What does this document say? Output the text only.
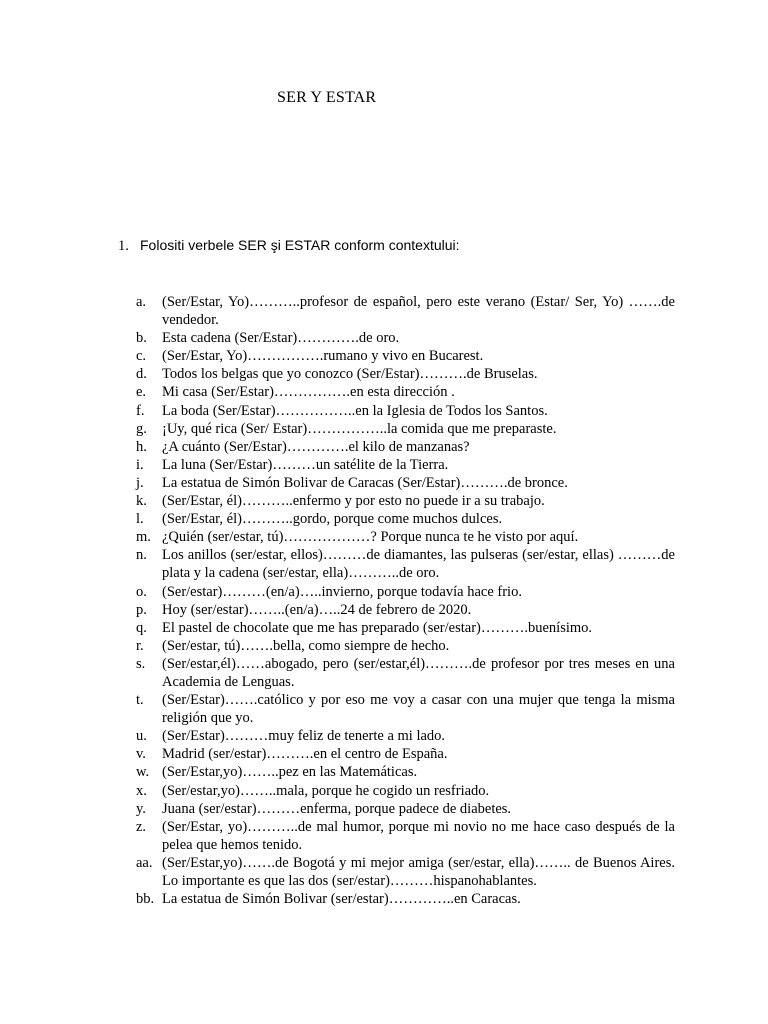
SER Y ESTAR

1. Folositi verbele SER şi ESTAR conform contextului:

a.	(Ser/Estar, Yo)………..profesor de español, pero este verano (Estar/ Ser, Yo) …….de vendedor.
b.	Esta cadena (Ser/Estar)………….de oro.
c.	(Ser/Estar, Yo)…………….rumano y vivo en Bucarest.
d.	Todos los belgas que yo conozco (Ser/Estar)……….de Bruselas.
e.	Mi casa (Ser/Estar)…………….en esta dirección .
f.	La boda (Ser/Estar)……………..en la Iglesia de Todos los Santos.
g.	¡Uy, qué rica (Ser/ Estar)……………..la comida que me preparaste.
h.	¿A cuánto (Ser/Estar)………….el kilo de manzanas?
i.	La luna (Ser/Estar)………un satélite de la Tierra.
j.	La estatua de Simón Bolivar de Caracas (Ser/Estar)……….de bronce.
k.	(Ser/Estar, él)………..enfermo y por esto no puede ir a su trabajo.
l.	(Ser/Estar, él)………..gordo, porque come muchos dulces.
m. ¿Quién (ser/estar, tú)………………? Porque nunca te he visto por aquí.
n.	Los anillos (ser/estar, ellos)………de diamantes, las pulseras (ser/estar, ellas) ………de plata y la cadena (ser/estar, ella)………..de oro.
o.	(Ser/estar)………(en/a)…..invierno, porque todavía hace frio.
p.	Hoy (ser/estar)……..(en/a)…..24 de febrero de 2020.
q.	El pastel de chocolate que me has preparado (ser/estar)……….buenísimo.
r.	(Ser/estar, tú)…….bella, como siempre de hecho.
s.	(Ser/estar,él)……abogado, pero (ser/estar,él)……….de profesor por tres meses en una Academia de Lenguas.
t.	(Ser/Estar)…….católico y por eso me voy a casar con una mujer que tenga la misma religión que yo.
u.	(Ser/Estar)………muy feliz de tenerte a mi lado.
v.	Madrid (ser/estar)……….en el centro de España.
w. (Ser/Estar,yo)……..pez en las Matemáticas.
x.	(Ser/estar,yo)……..mala, porque he cogido un resfriado.
y.	Juana (ser/estar)………enferma, porque padece de diabetes.
z.	(Ser/Estar, yo)………..de mal humor, porque mi novio no me hace caso después de la pelea que hemos tenido.
aa. (Ser/Estar,yo)…….de Bogotá y mi mejor amiga (ser/estar, ella)…….. de Buenos Aires. Lo importante es que las dos (ser/estar)………hispanohablantes.
bb. La estatua de Simón Bolivar (ser/estar)…………..en Caracas.
